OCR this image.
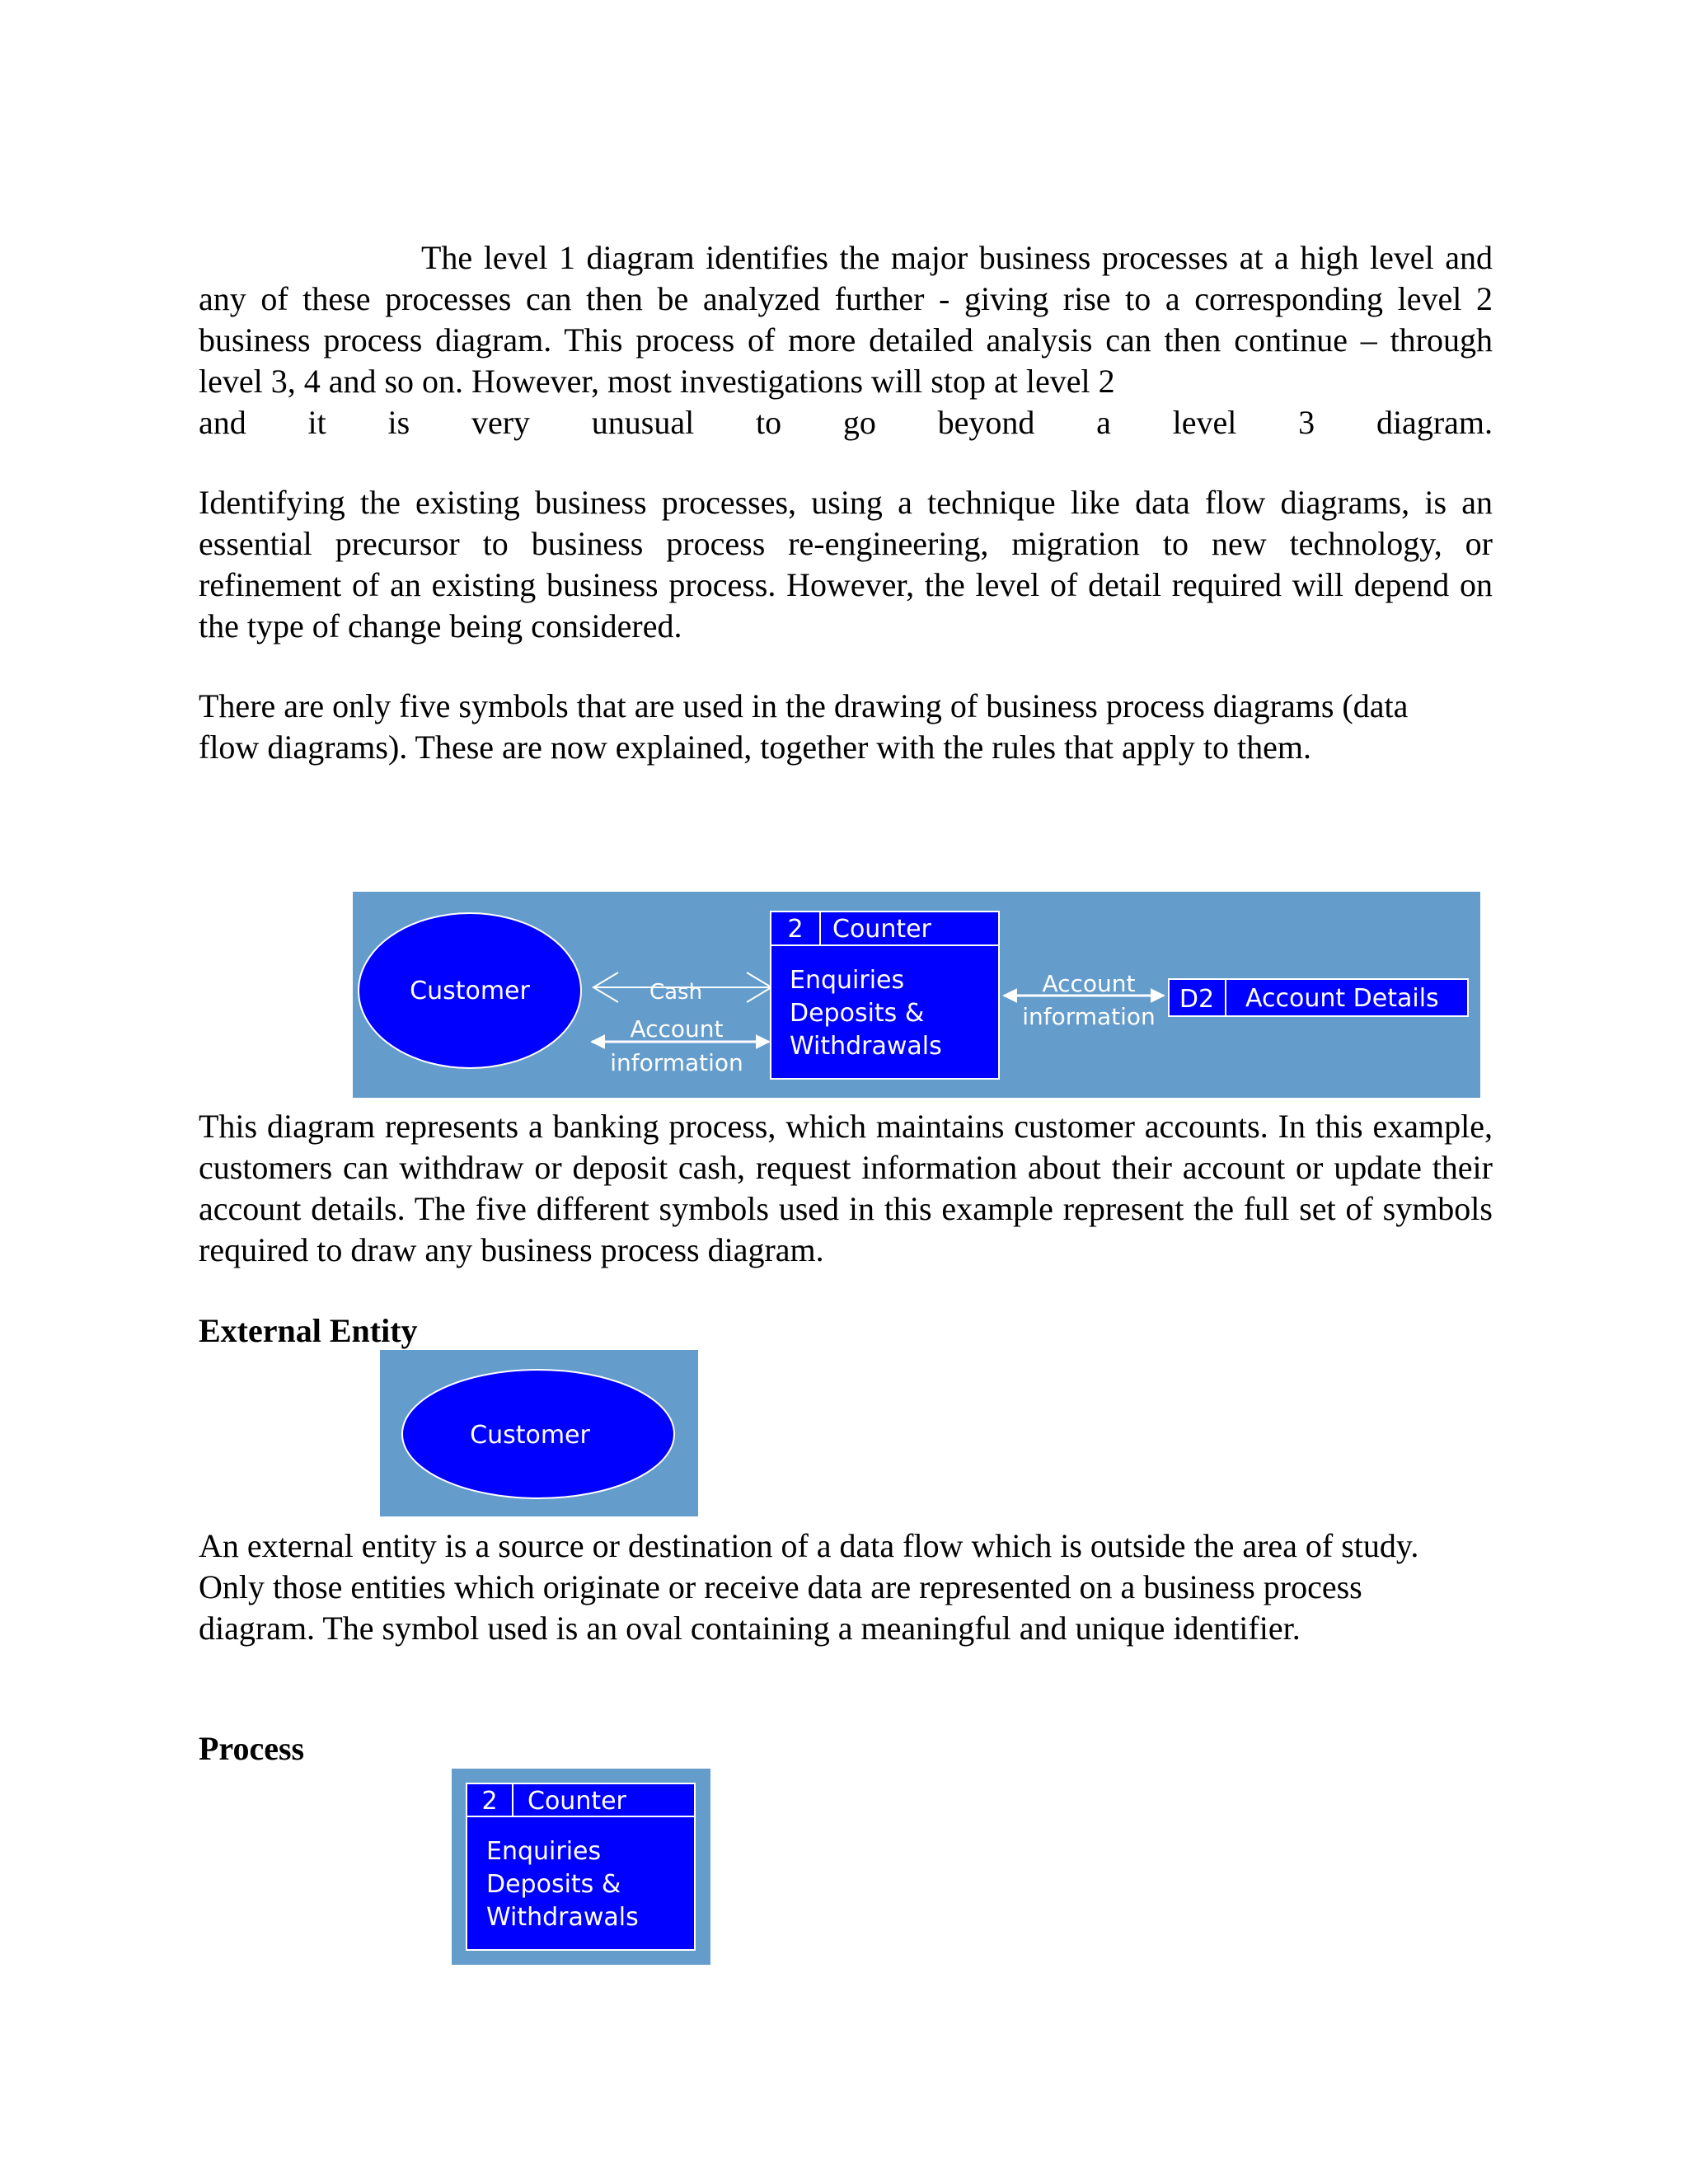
The level 1 diagram identifies the major business processes at a high level and any of these processes can then be analyzed further - giving rise to a corresponding level 2 business process diagram. This process of more detailed analysis can then continue – through level 3, 4 and so on. However, most investigations will stop at level 2
and it is very unusual to go beyond a level 3 diagram.

Identifying the existing business processes, using a technique like data flow diagrams, is an essential precursor to business process re-engineering, migration to new technology, or refinement of an existing business process. However, the level of detail required will depend on the type of change being considered.

There are only five symbols that are used in the drawing of business process diagrams (data flow diagrams). These are now explained, together with the rules that apply to them.

Customer	Cash
Account
information
2 Counter
Enquiries
Deposits &
Withdrawals
Account
information
D2 Account Details

This diagram represents a banking process, which maintains customer accounts. In this example, customers can withdraw or deposit cash, request information about their account or update their account details. The five different symbols used in this example represent the full set of symbols required to draw any business process diagram.

External Entity
Customer

An external entity is a source or destination of a data flow which is outside the area of study. Only those entities which originate or receive data are represented on a business process diagram. The symbol used is an oval containing a meaningful and unique identifier.

Process
2 Counter
Enquiries
Deposits &
Withdrawals
